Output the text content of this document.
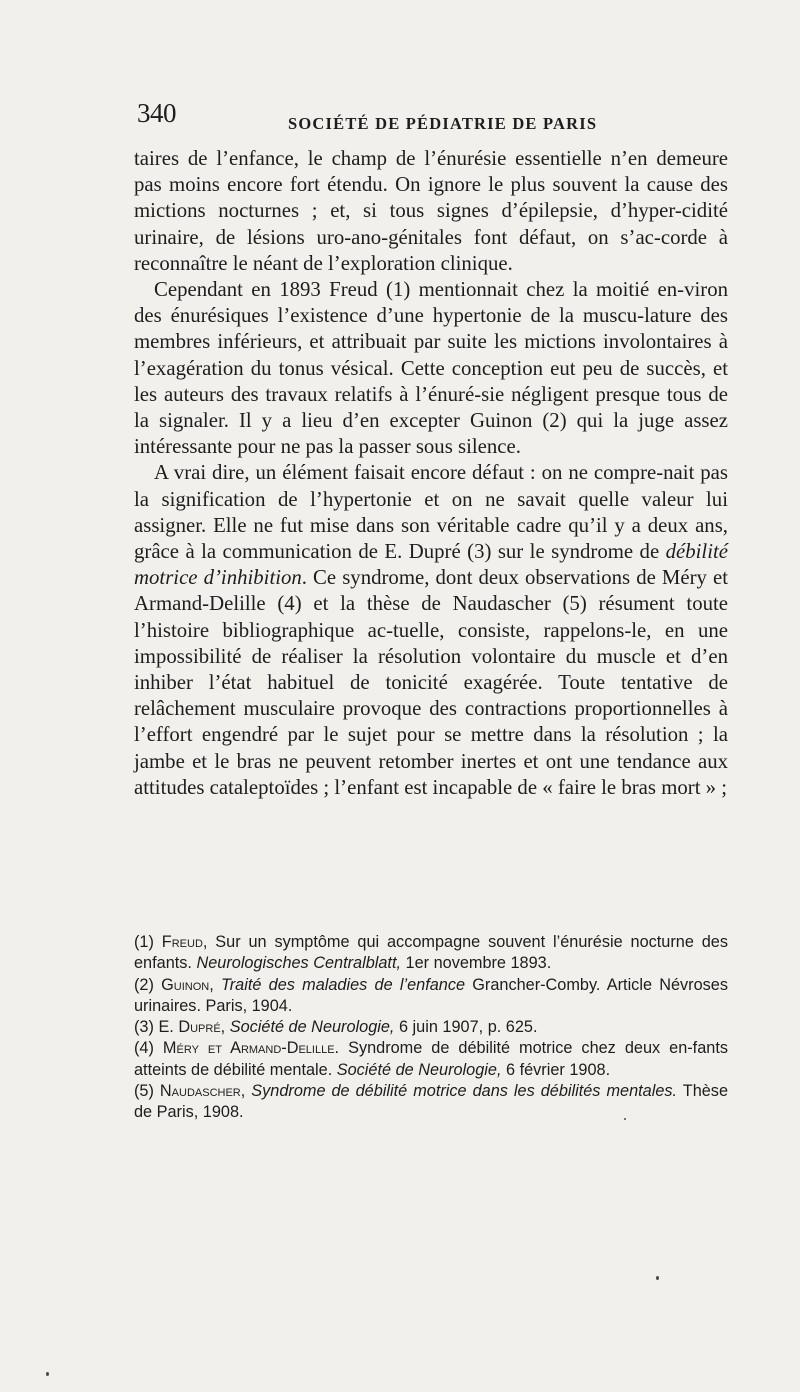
340	SOCIÉTÉ DE PÉDIATRIE DE PARIS

taires de l’enfance, le champ de l’énurésie essentielle n’en demeure pas moins encore fort étendu. On ignore le plus souvent la cause des mictions nocturnes ; et, si tous signes d’épilepsie, d’hyper-cidité urinaire, de lésions uro-ano-génitales font défaut, on s’ac-corde à reconnaître le néant de l’exploration clinique.

Cependant en 1893 Freud (1) mentionnait chez la moitié en-viron des énurésiques l’existence d’une hypertonie de la muscu-lature des membres inférieurs, et attribuait par suite les mictions involontaires à l’exagération du tonus vésical. Cette conception eut peu de succès, et les auteurs des travaux relatifs à l’énuré-sie négligent presque tous de la signaler. Il y a lieu d’en excepter Guinon (2) qui la juge assez intéressante pour ne pas la passer sous silence.

A vrai dire, un élément faisait encore défaut : on ne compre-nait pas la signification de l’hypertonie et on ne savait quelle valeur lui assigner. Elle ne fut mise dans son véritable cadre qu’il y a deux ans, grâce à la communication de E. Dupré (3) sur le syndrome de débilité motrice d’inhibition. Ce syndrome, dont deux observations de Méry et Armand-Delille (4) et la thèse de Naudascher (5) résument toute l’histoire bibliographique ac-tuelle, consiste, rappelons-le, en une impossibilité de réaliser la résolution volontaire du muscle et d’en inhiber l’état habituel de tonicité exagérée. Toute tentative de relâchement musculaire provoque des contractions proportionnelles à l’effort engendré par le sujet pour se mettre dans la résolution ; la jambe et le bras ne peuvent retomber inertes et ont une tendance aux attitudes cataleptoïdes ; l’enfant est incapable de « faire le bras mort » ;

(1) Freud, Sur un symptôme qui accompagne souvent l’énurésie nocturne des enfants. Neurologisches Centralblatt, 1er novembre 1893.
(2) Guinon, Traité des maladies de l’enfance Grancher-Comby. Article Névroses urinaires. Paris, 1904.
(3) E. Dupré, Société de Neurologie, 6 juin 1907, p. 625.
(4) Méry et Armand-Delille. Syndrome de débilité motrice chez deux en-fants atteints de débilité mentale. Société de Neurologie, 6 février 1908.
(5) Naudascher, Syndrome de débilité motrice dans les débilités mentales. Thèse de Paris, 1908.
